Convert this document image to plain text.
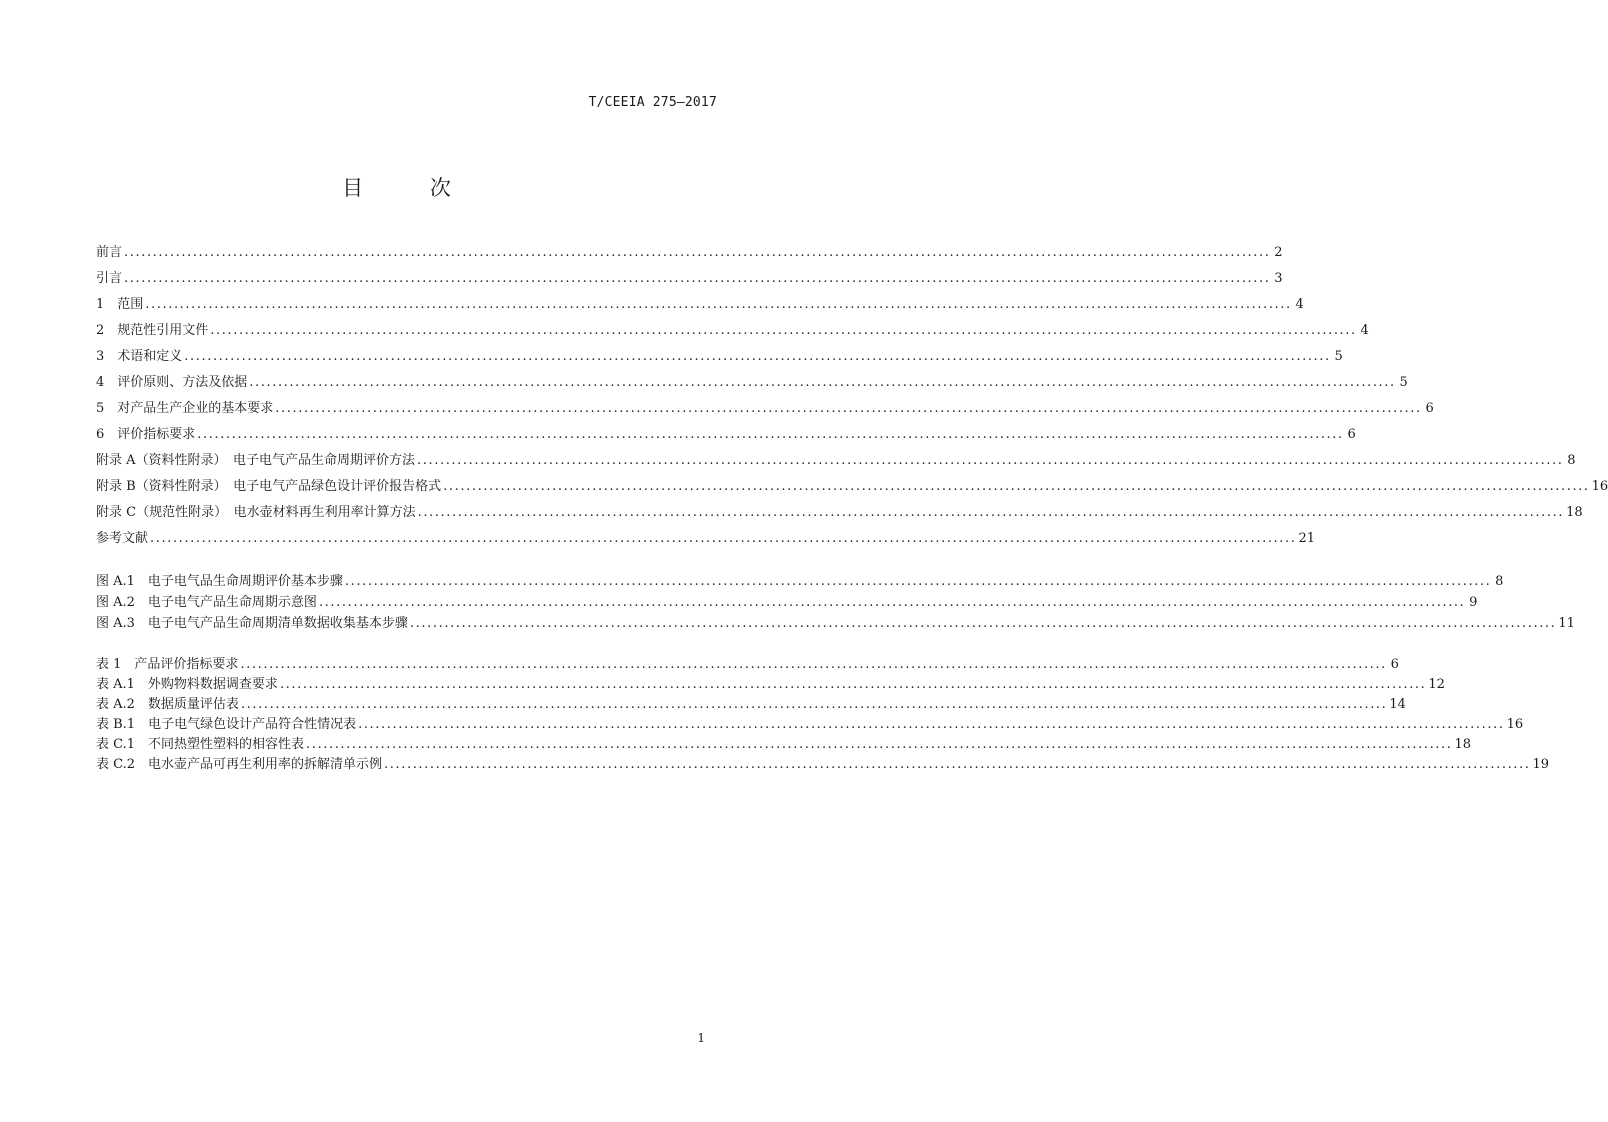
T/CEEIA 275—2017
目 次
前言 ........................................................................................................................................................................................................ 2
引言 ........................................................................................................................................................................................................ 3
1　范围 ........................................................................................................................................................................................................ 4
2　规范性引用文件 ........................................................................................................................................................................................................ 4
3　术语和定义 ........................................................................................................................................................................................................ 5
4　评价原则、方法及依据 ........................................................................................................................................................................................................ 5
5　对产品生产企业的基本要求 ........................................................................................................................................................................................................ 6
6　评价指标要求 ........................................................................................................................................................................................................ 6
附录 A（资料性附录）　电子电气产品生命周期评价方法 ........................................................................................................................................................................................................ 8
附录 B（资料性附录）　电子电气产品绿色设计评价报告格式 ........................................................................................................................................................................................................ 16
附录 C（规范性附录）　电水壶材料再生利用率计算方法 ........................................................................................................................................................................................................ 18
参考文献 ........................................................................................................................................................................................................ 21
图 A.1　电子电气品生命周期评价基本步骤 ........................................................................................................................................................................................................ 8
图 A.2　电子电气产品生命周期示意图 ........................................................................................................................................................................................................ 9
图 A.3　电子电气产品生命周期清单数据收集基本步骤 ........................................................................................................................................................................................................ 11
表 1　产品评价指标要求 ........................................................................................................................................................................................................ 6
表 A.1　外购物料数据调查要求 ........................................................................................................................................................................................................ 12
表 A.2　数据质量评估表 ........................................................................................................................................................................................................ 14
表 B.1　电子电气绿色设计产品符合性情况表 ........................................................................................................................................................................................................ 16
表 C.1　不同热塑性塑料的相容性表 ........................................................................................................................................................................................................ 18
表 C.2　电水壶产品可再生利用率的拆解清单示例 ........................................................................................................................................................................................................ 19
1
